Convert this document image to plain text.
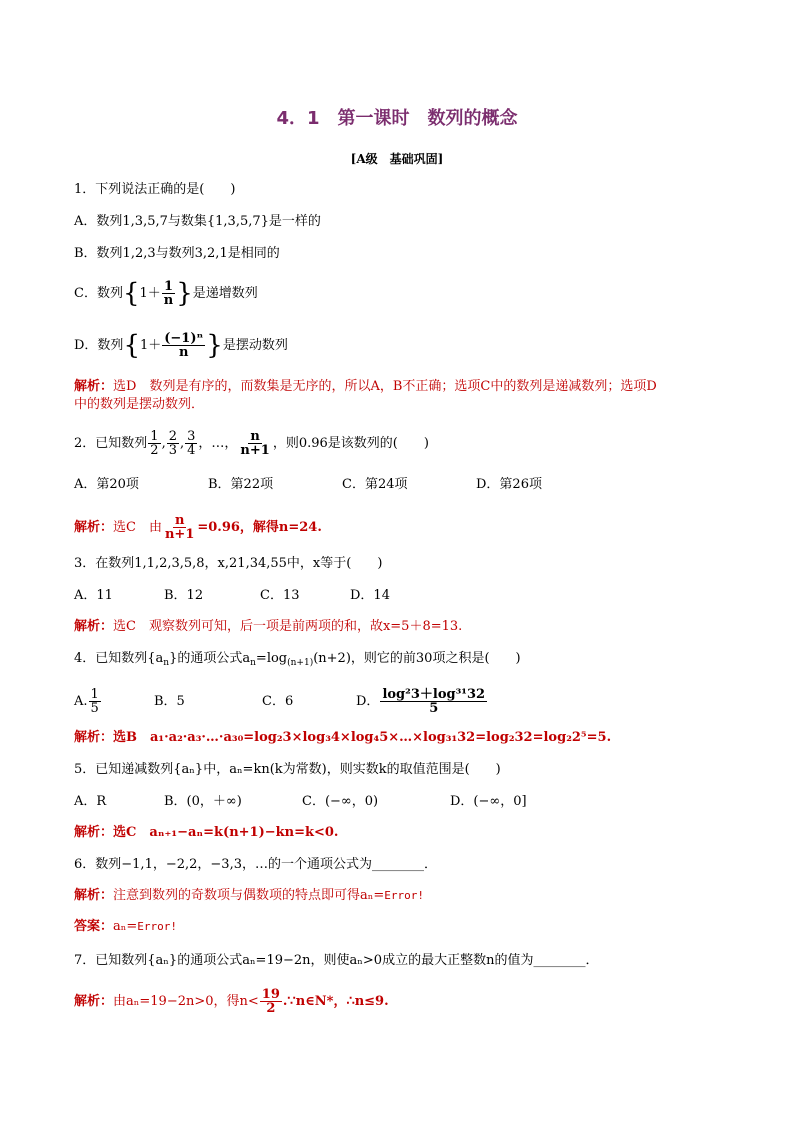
4．1　第一课时　数列的概念
[A级　基础巩固]
1．下列说法正确的是(　　)
A．数列1,3,5,7与数集{1,3,5,7}是一样的
B．数列1,2,3与数列3,2,1是相同的
C．数列{$1+ \frac{1}{n}$ }是递增数列
D．数列{$1+ \frac{\text{(−1)ⁿ}}{n}$ }是摆动数列
解析：选D　数列是有序的，而数集是无序的，所以A，B不正确；选项C中的数列是递减数列；选项D
中的数列是摆动数列．
2．已知数列 $\frac{1}{2}$ , $\frac{2}{3}$ , $\frac{3}{4}$ ，…， $\frac{n}{n+1}$ ，则0.96是该数列的(　　)
A．第20项	B．第22项	C．第24项	D．第26项
解析：选C　由 $\frac{n}{n+1} =0.96$，解得n=24.
3．在数列1,1,2,3,5,8，x,21,34,55中，x等于(　　)
A．11	B．12	C．13	D．14
解析：选C　观察数列可知，后一项是前两项的和，故x=5＋8=13.
4．已知数列$\{a_n\}$的通项公式$a_n=\log_{(n+1)}(n+2)$，则它的前30项之积是(　　)
A. $\frac{1}{5}$	B．5	C．6	D． $\frac{\text{log²3＋log³¹32}}{5}$
解析：选B　a₁·a₂·a₃·…·a₃₀=log₂3×log₃4×log₄5×…×log₃₁32=log₂32=log₂2⁵=5.
5．已知递减数列{aₙ}中，aₙ=kn(k为常数)，则实数k的取值范围是(　　)
A．R	B．(0，＋∞)	C．(−∞，0)	D．(−∞，0]
解析：选C　aₙ₊₁−aₙ=k(n+1)−kn=k<0.
6．数列−1,1，−2,2，−3,3，…的一个通项公式为________．
解析：注意到数列的奇数项与偶数项的特点即可得aₙ=Error!
答案：aₙ=Error!
7．已知数列{aₙ}的通项公式aₙ=19−2n，则使aₙ>0成立的最大正整数n的值为________．
解析：由aₙ=19−2n>0，得$n< \frac{19}{2}$ .∵n∈N*，∴n≤9.
